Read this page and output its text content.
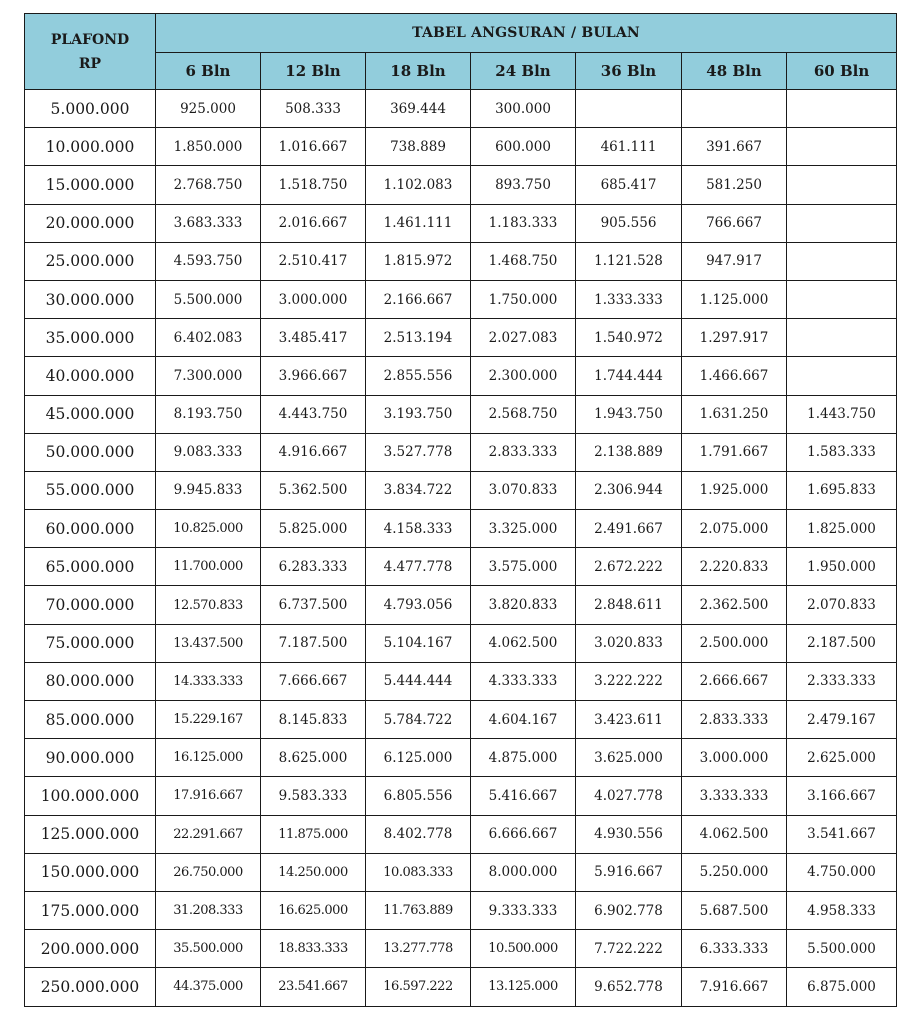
PLAFOND
RP	TABEL ANGSURAN / BULAN						
	6 Bln	12 Bln	18 Bln	24 Bln	36 Bln	48 Bln	60 Bln
5.000.000	925.000	508.333	369.444	300.000			
10.000.000	1.850.000	1.016.667	738.889	600.000	461.111	391.667	
15.000.000	2.768.750	1.518.750	1.102.083	893.750	685.417	581.250	
20.000.000	3.683.333	2.016.667	1.461.111	1.183.333	905.556	766.667	
25.000.000	4.593.750	2.510.417	1.815.972	1.468.750	1.121.528	947.917	
30.000.000	5.500.000	3.000.000	2.166.667	1.750.000	1.333.333	1.125.000	
35.000.000	6.402.083	3.485.417	2.513.194	2.027.083	1.540.972	1.297.917	
40.000.000	7.300.000	3.966.667	2.855.556	2.300.000	1.744.444	1.466.667	
45.000.000	8.193.750	4.443.750	3.193.750	2.568.750	1.943.750	1.631.250	1.443.750
50.000.000	9.083.333	4.916.667	3.527.778	2.833.333	2.138.889	1.791.667	1.583.333
55.000.000	9.945.833	5.362.500	3.834.722	3.070.833	2.306.944	1.925.000	1.695.833
60.000.000	10.825.000	5.825.000	4.158.333	3.325.000	2.491.667	2.075.000	1.825.000
65.000.000	11.700.000	6.283.333	4.477.778	3.575.000	2.672.222	2.220.833	1.950.000
70.000.000	12.570.833	6.737.500	4.793.056	3.820.833	2.848.611	2.362.500	2.070.833
75.000.000	13.437.500	7.187.500	5.104.167	4.062.500	3.020.833	2.500.000	2.187.500
80.000.000	14.333.333	7.666.667	5.444.444	4.333.333	3.222.222	2.666.667	2.333.333
85.000.000	15.229.167	8.145.833	5.784.722	4.604.167	3.423.611	2.833.333	2.479.167
90.000.000	16.125.000	8.625.000	6.125.000	4.875.000	3.625.000	3.000.000	2.625.000
100.000.000	17.916.667	9.583.333	6.805.556	5.416.667	4.027.778	3.333.333	3.166.667
125.000.000	22.291.667	11.875.000	8.402.778	6.666.667	4.930.556	4.062.500	3.541.667
150.000.000	26.750.000	14.250.000	10.083.333	8.000.000	5.916.667	5.250.000	4.750.000
175.000.000	31.208.333	16.625.000	11.763.889	9.333.333	6.902.778	5.687.500	4.958.333
200.000.000	35.500.000	18.833.333	13.277.778	10.500.000	7.722.222	6.333.333	5.500.000
250.000.000	44.375.000	23.541.667	16.597.222	13.125.000	9.652.778	7.916.667	6.875.000
